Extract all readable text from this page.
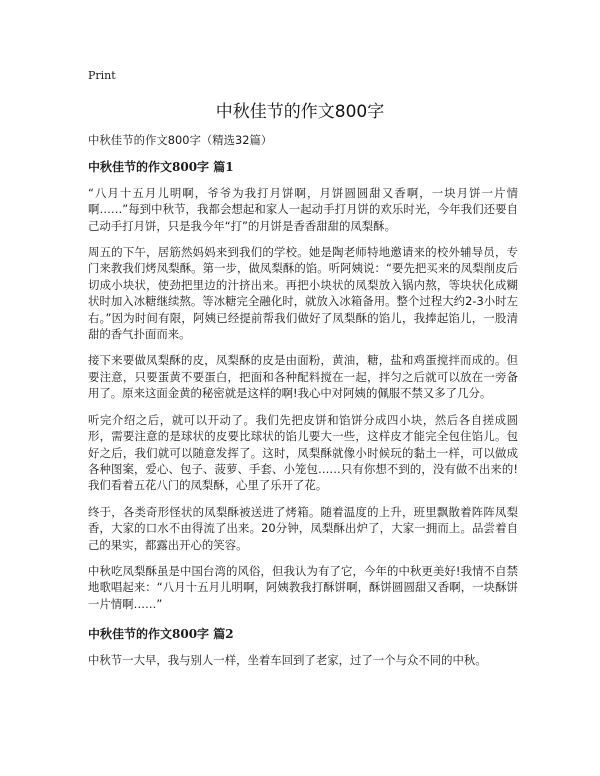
Print
中秋佳节的作文800字

中秋佳节的作文800字（精选32篇）

中秋佳节的作文800字 篇1

“八月十五月儿明啊，爷爷为我打月饼啊，月饼圆圆甜又香啊，一块月饼一片情啊……”每到中秋节，我都会想起和家人一起动手打月饼的欢乐时光，今年我们还要自己动手打月饼，只是我今年“打”的月饼是香香甜甜的凤梨酥。

周五的下午，居筋然妈妈来到我们的学校。她是陶老师特地邀请来的校外辅导员，专门来教我们烤凤梨酥。第一步，做凤梨酥的馅。听阿姨说：“要先把买来的凤梨削皮后切成小块状，使劲把里边的汁挤出来。再把小块状的凤梨放入锅内熬，等块状化成糊状时加入冰糖继续熬。等冰糖完全融化时，就放入冰箱备用。整个过程大约2-3小时左右。”因为时间有限，阿姨已经提前帮我们做好了凤梨酥的馅儿，我捧起馅儿，一股清甜的香气扑面而来。

接下来要做凤梨酥的皮，凤梨酥的皮是由面粉，黄油，糖，盐和鸡蛋搅拌而成的。但要注意，只要蛋黄不要蛋白，把面和各种配料搅在一起，拌匀之后就可以放在一旁备用了。原来这面金黄的秘密就是这样的啊!我心中对阿姨的佩服不禁又多了几分。

听完介绍之后，就可以开动了。我们先把皮饼和馅饼分成四小块，然后各自搓成圆形，需要注意的是球状的皮要比球状的馅儿要大一些，这样皮才能完全包住馅儿。包好之后，我们就可以随意发挥了。这时，凤梨酥就像小时候玩的黏土一样，可以做成各种图案，爱心、包子、菠萝、手套、小笼包……只有你想不到的，没有做不出来的!我们看着五花八门的凤梨酥，心里了乐开了花。

终于，各类奇形怪状的凤梨酥被送进了烤箱。随着温度的上升，班里飘散着阵阵凤梨香，大家的口水不由得流了出来。20分钟，凤梨酥出炉了，大家一拥而上。品尝着自己的果实，都露出开心的笑容。

中秋吃凤梨酥虽是中国台湾的风俗，但我认为有了它，今年的中秋更美好!我情不自禁地歌唱起来：“八月十五月儿明啊，阿姨教我打酥饼啊，酥饼圆圆甜又香啊，一块酥饼一片情啊……”

中秋佳节的作文800字 篇2

中秋节一大早，我与别人一样，坐着车回到了老家，过了一个与众不同的中秋。
